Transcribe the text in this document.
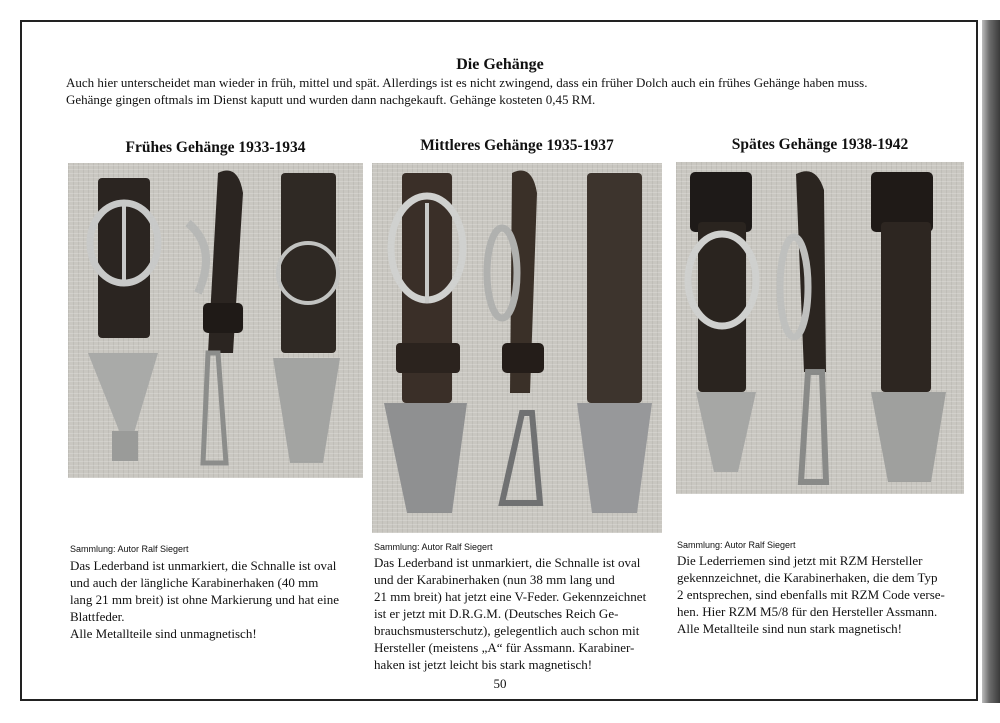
Die Gehänge
Auch hier unterscheidet man wieder in früh, mittel und spät. Allerdings ist es nicht zwingend, dass ein früher Dolch auch ein frühes Gehänge haben muss.
Gehänge gingen oftmals im Dienst kaputt und wurden dann nachgekauft. Gehänge kosteten 0,45 RM.
Frühes Gehänge 1933-1934
Sammlung: Autor Ralf Siegert
Das Lederband ist unmarkiert, die Schnalle ist oval
und auch der längliche Karabinerhaken (40 mm
lang 21 mm breit) ist ohne Markierung und hat eine
Blattfeder.
Alle Metallteile sind unmagnetisch!
Mittleres Gehänge 1935-1937
Sammlung: Autor Ralf Siegert
Das Lederband ist unmarkiert, die Schnalle ist oval
und der Karabinerhaken (nun 38 mm lang und
21 mm breit) hat jetzt eine V-Feder. Gekennzeichnet
ist er jetzt mit D.R.G.M. (Deutsches Reich Ge-
brauchsmusterschutz), gelegentlich auch schon mit
Hersteller (meistens „A“ für Assmann. Karabiner-
haken ist jetzt leicht bis stark magnetisch!
Spätes Gehänge 1938-1942
Sammlung: Autor Ralf Siegert
Die Lederriemen sind jetzt mit RZM Hersteller
gekennzeichnet, die Karabinerhaken, die dem Typ
2 entsprechen, sind ebenfalls mit RZM Code verse-
hen. Hier RZM M5/8 für den Hersteller Assmann.
Alle Metallteile sind nun stark magnetisch!
50
